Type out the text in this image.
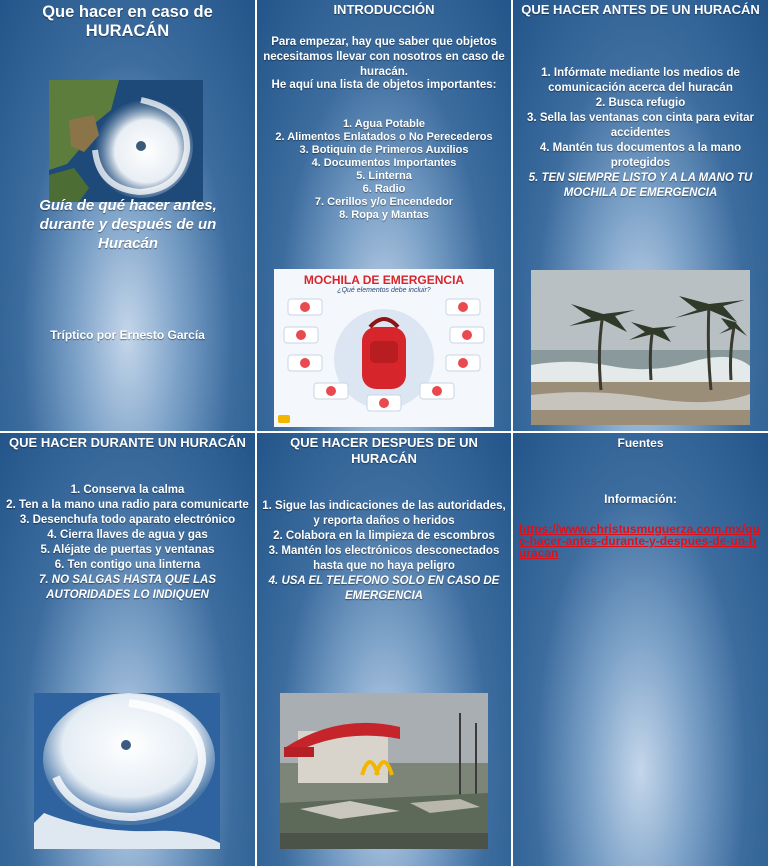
Que hacer en caso de HURACÁN
Guía de qué hacer antes, durante y después de un Huracán
Tríptico por Ernesto García
INTRODUCCIÓN
Para empezar, hay que saber que objetos necesitamos llevar con nosotros en caso de huracán.
He aquí una lista de objetos importantes:
1. Agua Potable
2. Alimentos Enlatados o No Perecederos
3. Botiquín de Primeros Auxilios
4. Documentos Importantes
5. Linterna
6. Radio
7. Cerillos y/o Encendedor
8. Ropa y Mantas
MOCHILA DE EMERGENCIA
¿Qué elementos debe incluir?
QUE HACER ANTES DE UN HURACÁN
1. Infórmate mediante los medios de comunicación acerca del huracán
2. Busca refugio
3. Sella las ventanas con cinta para evitar accidentes
4. Mantén tus documentos a la mano protegidos
5. TEN SIEMPRE LISTO Y A LA MANO TU MOCHILA DE EMERGENCIA
QUE HACER DURANTE UN HURACÁN
1. Conserva la calma
2. Ten a la mano una radio para comunicarte
3. Desenchufa todo aparato electrónico
4. Cierra llaves de agua y gas
5. Aléjate de puertas y ventanas
6. Ten contigo una linterna
7. NO SALGAS HASTA QUE LAS AUTORIDADES LO INDIQUEN
QUE HACER DESPUES DE UN HURACÁN
1. Sigue las indicaciones de las autoridades, y reporta daños o heridos
2. Colabora en la limpieza de escombros
3. Mantén los electrónicos desconectados hasta que no haya peligro
4. USA EL TELEFONO SOLO EN CASO DE EMERGENCIA
Fuentes
Información:
https://www.christusmuguerza.com.mx/que-hacer-antes-durante-y-despues-de-un-huracan
